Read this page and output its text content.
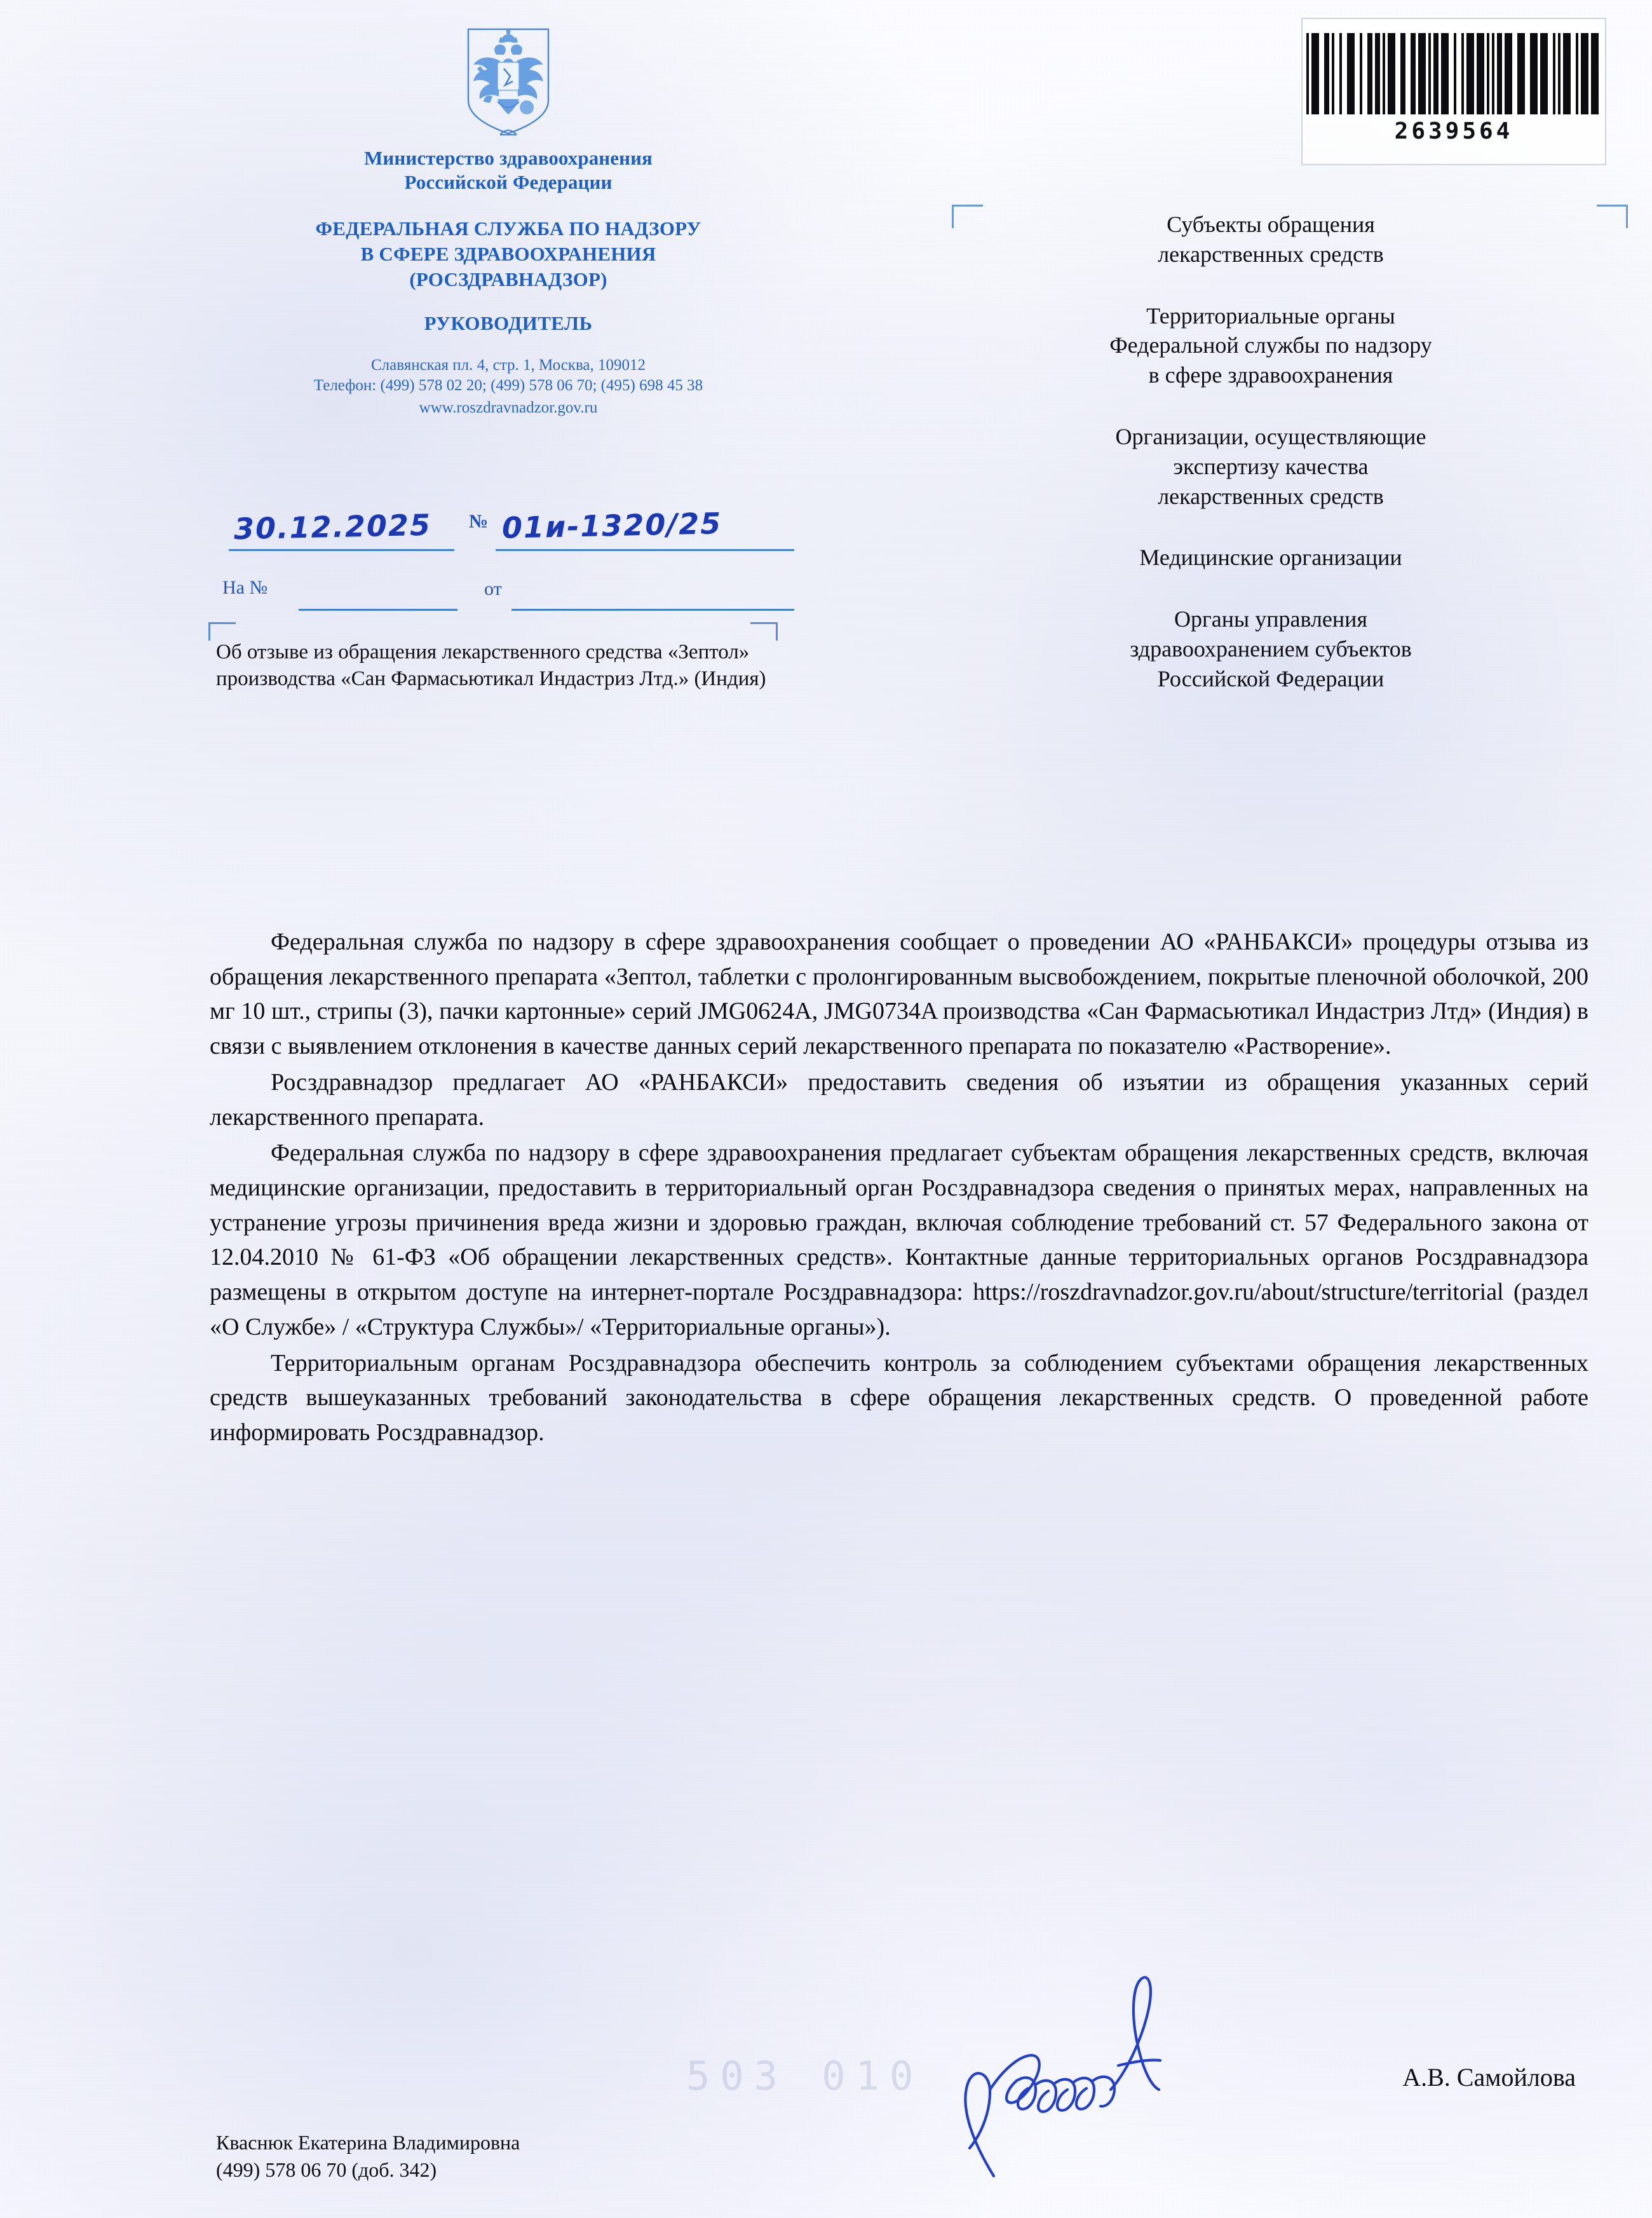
2639564
Министерство здравоохранения
Российской Федерации
ФЕДЕРАЛЬНАЯ СЛУЖБА ПО НАДЗОРУ
В СФЕРЕ ЗДРАВООХРАНЕНИЯ
(РОСЗДРАВНАДЗОР)
РУКОВОДИТЕЛЬ
Славянская пл. 4, стр. 1, Москва, 109012
Телефон: (499) 578 02 20; (499) 578 06 70; (495) 698 45 38
www.roszdravnadzor.gov.ru
30.12.2025 № 01и-1320/25
На №	от
Об отзыве из обращения лекарственного средства «Зептол» производства «Сан Фармасьютикал Индастриз Лтд.» (Индия)
Субъекты обращения
лекарственных средств
Территориальные органы
Федеральной службы по надзору
в сфере здравоохранения
Организации, осуществляющие
экспертизу качества
лекарственных средств
Медицинские организации
Органы управления
здравоохранением субъектов
Российской Федерации

Федеральная служба по надзору в сфере здравоохранения сообщает о проведении АО «РАНБАКСИ» процедуры отзыва из обращения лекарственного препарата «Зептол, таблетки с пролонгированным высвобождением, покрытые пленочной оболочкой, 200 мг 10 шт., стрипы (3), пачки картонные» серий JMG0624A, JMG0734A производства «Сан Фармасьютикал Индастриз Лтд» (Индия) в связи с выявлением отклонения в качестве данных серий лекарственного препарата по показателю «Растворение».

Росздравнадзор предлагает АО «РАНБАКСИ» предоставить сведения об изъятии из обращения указанных серий лекарственного препарата.

Федеральная служба по надзору в сфере здравоохранения предлагает субъектам обращения лекарственных средств, включая медицинские организации, предоставить в территориальный орган Росздравнадзора сведения о принятых мерах, направленных на устранение угрозы причинения вреда жизни и здоровью граждан, включая соблюдение требований ст. 57 Федерального закона от 12.04.2010 № 61-ФЗ «Об обращении лекарственных средств». Контактные данные территориальных органов Росздравнадзора размещены в открытом доступе на интернет-портале Росздравнадзора: https://roszdravnadzor.gov.ru/about/structure/territorial (раздел «О Службе» / «Структура Службы»/ «Территориальные органы»).

Территориальным органам Росздравнадзора обеспечить контроль за соблюдением субъектами обращения лекарственных средств вышеуказанных требований законодательства в сфере обращения лекарственных средств. О проведенной работе информировать Росздравнадзор.

503 010	А.В. Самойлова
Кваснюк Екатерина Владимировна
(499) 578 06 70 (доб. 342)
